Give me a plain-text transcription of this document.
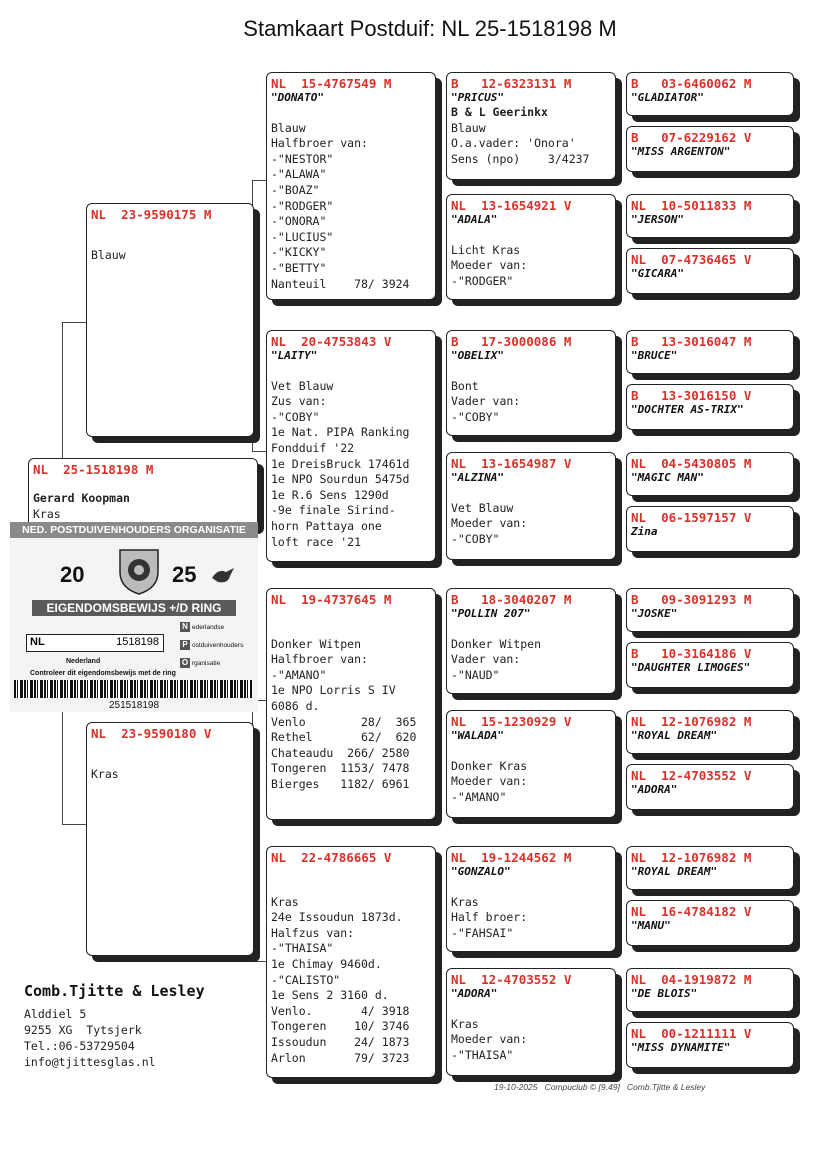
Stamkaart Postduif: NL 25-1518198 M
NL  25-1518198 M
Gerard Koopman
Kras
NL  23-9590175 M
Blauw
NL  23-9590180 V
Kras
NL  15-4767549 M
"DONATO"
Blauw
Halfbroer van:
-"NESTOR"
-"ALAWA"
-"BOAZ"
-"RODGER"
-"ONORA"
-"LUCIUS"
-"KICKY"
-"BETTY"
Nanteuil    78/ 3924
NL  20-4753843 V
"LAITY"
Vet Blauw
Zus van:
-"COBY"
1e Nat. PIPA Ranking
Fondduif '22
1e DreisBruck 17461d
1e NPO Sourdun 5475d
1e R.6 Sens 1290d
-9e finale Sirind-
horn Pattaya one
loft race '21
NL  19-4737645 M
Donker Witpen
Halfbroer van:
-"AMANO"
1e NPO Lorris S IV
6086 d.
Venlo        28/  365
Rethel       62/  620
Chateaudu  266/ 2580
Tongeren  1153/ 7478
Bierges   1182/ 6961
NL  22-4786665 V
Kras
24e Issoudun 1873d.
Halfzus van:
-"THAISA"
1e Chimay 9460d.
-"CALISTO"
1e Sens 2 3160 d.
Venlo.       4/ 3918
Tongeren    10/ 3746
Issoudun    24/ 1873
Arlon       79/ 3723
B   12-6323131 M
"PRICUS"
B & L Geerinkx
Blauw
O.a.vader: 'Onora'
Sens (npo)    3/4237
NL  13-1654921 V
"ADALA"
Licht Kras
Moeder van:
-"RODGER"
B   17-3000086 M
"OBELIX"
Bont
Vader van:
-"COBY"
NL  13-1654987 V
"ALZINA"
Vet Blauw
Moeder van:
-"COBY"
B   18-3040207 M
"POLLIN 207"
Donker Witpen
Vader van:
-"NAUD"
NL  15-1230929 V
"WALADA"
Donker Kras
Moeder van:
-"AMANO"
NL  19-1244562 M
"GONZALO"
Kras
Half broer:
-"FAHSAI"
NL  12-4703552 V
"ADORA"
Kras
Moeder van:
-"THAISA"
B   03-6460062 M
"GLADIATOR"
B   07-6229162 V
"MISS ARGENTON"
NL  10-5011833 M
"JERSON"
NL  07-4736465 V
"GICARA"
B   13-3016047 M
"BRUCE"
B   13-3016150 V
"DOCHTER AS-TRIX"
NL  04-5430805 M
"MAGIC MAN"
NL  06-1597157 V
Zina
B   09-3091293 M
"JOSKE"
B   10-3164186 V
"DAUGHTER LIMOGES"
NL  12-1076982 M
"ROYAL DREAM"
NL  12-4703552 V
"ADORA"
NL  12-1076982 M
"ROYAL DREAM"
NL  16-4784182 V
"MANU"
NL  04-1919872 M
"DE BLOIS"
NL  00-1211111 V
"MISS DYNAMITE"
NED. POSTDUIVENHOUDERS ORGANISATIE
20	25
EIGENDOMSBEWIJS +/D RING
NL	1518198
Nederland
Controleer dit eigendomsbewijs met de ring
N ederlandse
P ostduivenhouders
O rganisatie
251518198
Comb.Tjitte & Lesley
Alddiel 5
9255 XG  Tytsjerk
Tel.:06-53729504
info@tjittesglas.nl
19-10-2025   Compuclub © [9.49]   Comb.Tjitte & Lesley
